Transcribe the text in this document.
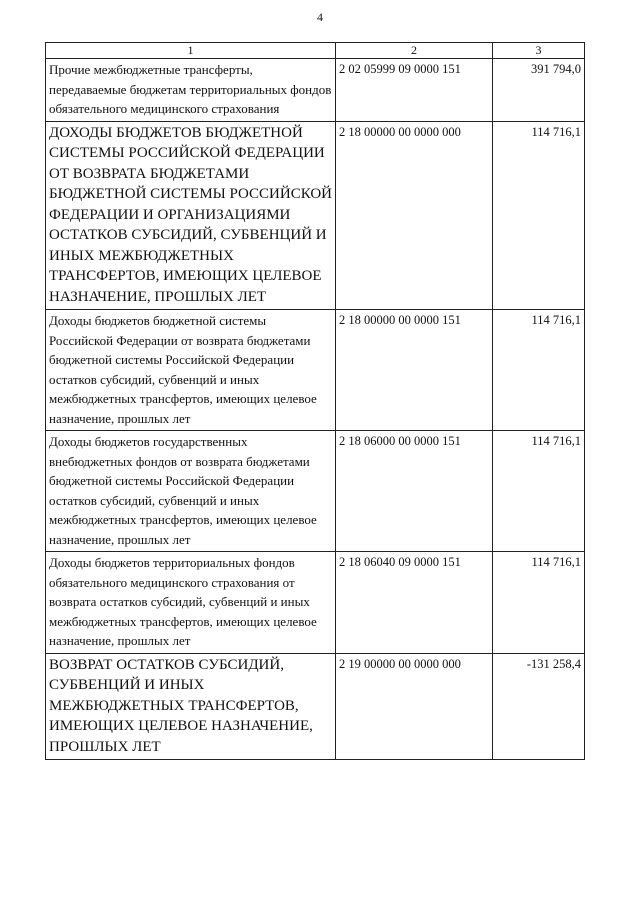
4
1	2	3
Прочие межбюджетные трансферты, передаваемые бюджетам территориальных фондов обязательного медицинского страхования	2 02 05999 09 0000 151	391 794,0
ДОХОДЫ БЮДЖЕТОВ БЮДЖЕТНОЙ СИСТЕМЫ РОССИЙСКОЙ ФЕДЕРАЦИИ ОТ ВОЗВРАТА БЮДЖЕТАМИ БЮДЖЕТНОЙ СИСТЕМЫ РОССИЙСКОЙ ФЕДЕРАЦИИ И ОРГАНИЗАЦИЯМИ ОСТАТКОВ СУБСИДИЙ, СУБВЕНЦИЙ И ИНЫХ МЕЖБЮДЖЕТНЫХ ТРАНСФЕРТОВ, ИМЕЮЩИХ ЦЕЛЕВОЕ НАЗНАЧЕНИЕ, ПРОШЛЫХ ЛЕТ	2 18 00000 00 0000 000	114 716,1
Доходы бюджетов бюджетной системы Российской Федерации от возврата бюджетами бюджетной системы Российской Федерации остатков субсидий, субвенций и иных межбюджетных трансфертов, имеющих целевое назначение, прошлых лет	2 18 00000 00 0000 151	114 716,1
Доходы бюджетов государственных внебюджетных фондов от возврата бюджетами бюджетной системы Российской Федерации остатков субсидий, субвенций и иных межбюджетных трансфертов, имеющих целевое назначение, прошлых лет	2 18 06000 00 0000 151	114 716,1
Доходы бюджетов территориальных фондов обязательного медицинского страхования от возврата остатков субсидий, субвенций и иных межбюджетных трансфертов, имеющих целевое назначение, прошлых лет	2 18 06040 09 0000 151	114 716,1
ВОЗВРАТ ОСТАТКОВ СУБСИДИЙ, СУБВЕНЦИЙ И ИНЫХ МЕЖБЮДЖЕТНЫХ ТРАНСФЕРТОВ, ИМЕЮЩИХ ЦЕЛЕВОЕ НАЗНАЧЕНИЕ, ПРОШЛЫХ ЛЕТ	2 19 00000 00 0000 000	-131 258,4
